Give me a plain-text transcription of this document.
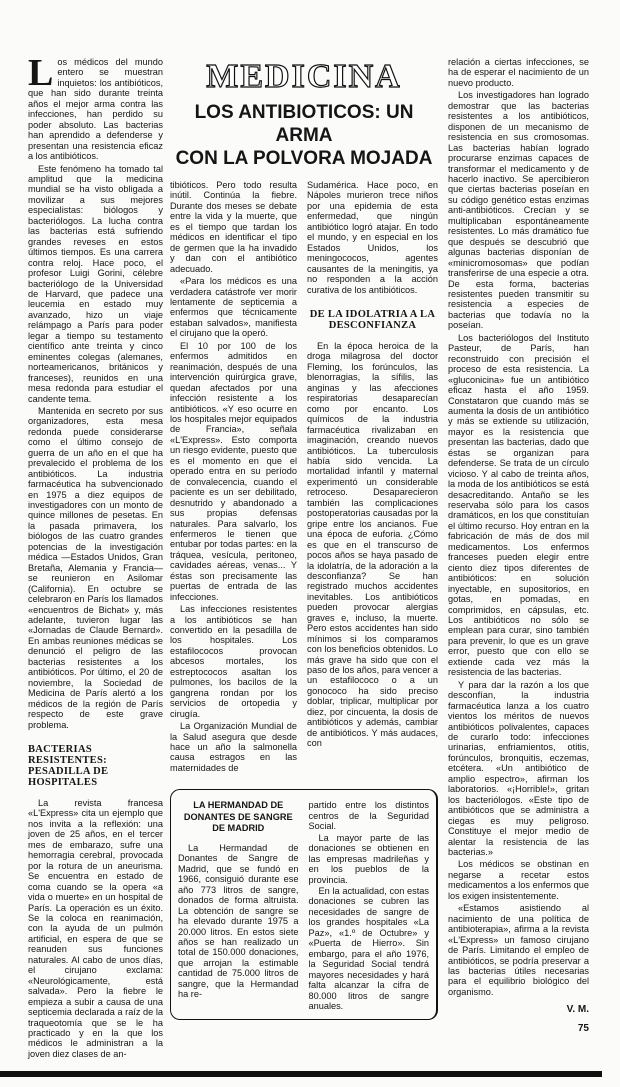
Los médicos del mundo entero se muestran inquietos: los antibióticos, que han sido durante treinta años el mejor arma contra las infecciones, han perdido su poder absoluto. Las bacterias han aprendido a defenderse y presentan una resistencia eficaz a los antibióticos.

Este fenómeno ha tomado tal amplitud que la medicina mundial se ha visto obligada a movilizar a sus mejores especialistas: biólogos y bacteriólogos. La lucha contra las bacterias está sufriendo grandes reveses en estos últimos tiempos. Es una carrera contra reloj. Hace poco, el profesor Luigi Gorini, célebre bacteriólogo de la Universidad de Harvard, que padece una leucemia en estado muy avanzado, hizo un viaje relámpago a París para poder legar a tiempo su testamento científico ante treinta y cinco eminentes colegas (alemanes, norteamericanos, británicos y franceses), reunidos en una mesa redonda para estudiar el candente tema.

Mantenida en secreto por sus organizadores, esta mesa redonda puede considerarse como el último consejo de guerra de un año en el que ha prevalecido el problema de los antibióticos. La industria farmacéutica ha subvencionado en 1975 a diez equipos de investigadores con un monto de quince millones de pesetas. En la pasada primavera, los biólogos de las cuatro grandes potencias de la investigación médica —Estados Unidos, Gran Bretaña, Alemania y Francia— se reunieron en Asilomar (California). En octubre se celebraron en París los llamados «encuentros de Bichat» y, más adelante, tuvieron lugar las «Jornadas de Claude Bernard». En ambas reuniones médicas se denunció el peligro de las bacterias resistentes a los antibióticos. Por último, el 20 de noviembre, la Sociedad de Medicina de París alertó a los médicos de la región de París respecto de este grave problema.

BACTERIAS RESISTENTES: PESADILLA DE HOSPITALES

La revista francesa «L'Express» cita un ejemplo que nos invita a la reflexión: una joven de 25 años, en el tercer mes de embarazo, sufre una hemorragia cerebral, provocada por la rotura de un aneurisma. Se encuentra en estado de coma cuando se la opera «a vida o muerte» en un hospital de París. La operación es un éxito. Se la coloca en reanimación, con la ayuda de un pulmón artificial, en espera de que se reanuden sus funciones naturales. Al cabo de unos días, el cirujano exclama: «Neurológicamente, está salvada». Pero la fiebre le empieza a subir a causa de una septicemia declarada a raíz de la traqueotomía que se le ha practicado y en la que los médicos le administran a la joven diez clases de an-

MEDICINA
LOS ANTIBIOTICOS: UN ARMA
CON LA POLVORA MOJADA

tibióticos. Pero todo resulta inútil. Continúa la fiebre. Durante dos meses se debate entre la vida y la muerte, que es el tiempo que tardan los médicos en identificar el tipo de germen que la ha invadido y dan con el antibiótico adecuado.

«Para los médicos es una verdadera catástrofe ver morir lentamente de septicemia a enfermos que técnicamente estaban salvados», manifiesta el cirujano que la operó.

El 10 por 100 de los enfermos admitidos en reanimación, después de una intervención quirúrgica grave, quedan afectados por una infección resistente a los antibióticos. «Y eso ocurre en los hospitales mejor equipados de Francia», señala «L'Express». Esto comporta un riesgo evidente, puesto que es el momento en que el operado entra en su período de convalecencia, cuando el paciente es un ser debilitado, desnutrido y abandonado a sus propias defensas naturales. Para salvarlo, los enfermeros le tienen que entubar por todas partes: en la tráquea, vesícula, peritoneo, cavidades aéreas, venas... Y éstas son precisamente las puertas de entrada de las infecciones.

Las infecciones resistentes a los antibióticos se han convertido en la pesadilla de los hospitales. Los estafilococos provocan abcesos mortales, los estreptococos asaltan los pulmones, los bacilos de la gangrena rondan por los servicios de ortopedia y cirugía.

La Organización Mundial de la Salud asegura que desde hace un año la salmonella causa estragos en las maternidades de

Sudamérica. Hace poco, en Nápoles murieron trece niños por una epidemia de esta enfermedad, que ningún antibiótico logró atajar. En todo el mundo, y en especial en los Estados Unidos, los meningococos, agentes causantes de la meningitis, ya no responden a la acción curativa de los antibióticos.

DE LA IDOLATRIA A LA DESCONFIANZA

En la época heroica de la droga milagrosa del doctor Fleming, los forúnculos, las blenorragias, la sífilis, las anginas y las afecciones respiratorias desaparecían como por encanto. Los químicos de la industria farmacéutica rivalizaban en imaginación, creando nuevos antibióticos. La tuberculosis había sido vencida. La mortalidad infantil y maternal experimentó un considerable retroceso. Desaparecieron también las complicaciones postoperatorias causadas por la gripe entre los ancianos. Fue una época de euforia. ¿Cómo es que en el transcurso de pocos años se haya pasado de la idolatría, de la adoración a la desconfianza? Se han registrado muchos accidentes inevitables. Los antibióticos pueden provocar alergias graves e, incluso, la muerte. Pero estos accidentes han sido mínimos si los comparamos con los beneficios obtenidos. Lo más grave ha sido que con el paso de los años, para vencer a un estafilococo o a un gonococo ha sido preciso doblar, triplicar, multiplicar por diez, por cincuenta, la dosis de antibióticos y además, cambiar de antibióticos. Y más audaces, con

LA HERMANDAD DE DONANTES DE SANGRE DE MADRID

La Hermandad de Donantes de Sangre de Madrid, que se fundó en 1966, consiguió durante ese año 773 litros de sangre, donados de forma altruista. La obtención de sangre se ha elevado durante 1975 a 20.000 litros. En estos siete años se han realizado un total de 150.000 donaciones, que arrojan la estimable cantidad de 75.000 litros de sangre, que la Hermandad ha re-

partido entre los distintos centros de la Seguridad Social.

La mayor parte de las donaciones se obtienen en las empresas madrileñas y en los pueblos de la provincia.

En la actualidad, con estas donaciones se cubren las necesidades de sangre de los grandes hospitales «La Paz», «1.º de Octubre» y «Puerta de Hierro». Sin embargo, para el año 1976, la Seguridad Social tendrá mayores necesidades y hará falta alcanzar la cifra de 80.000 litros de sangre anuales.

relación a ciertas infecciones, se ha de esperar el nacimiento de un nuevo producto.

Los investigadores han logrado demostrar que las bacterias resistentes a los antibióticos, disponen de un mecanismo de resistencia en sus cromosomas. Las bacterias habían logrado procurarse enzimas capaces de transformar el medicamento y de hacerlo inactivo. Se apercibieron que ciertas bacterias poseían en su código genético estas enzimas anti-antibióticos. Crecían y se multiplicaban espontáneamente resistentes. Lo más dramático fue que después se descubrió que algunas bacterias disponían de «minicromosomas» que podían transferirse de una especie a otra. De esta forma, bacterias resistentes pueden transmitir su resistencia a especies de bacterias que todavía no la poseían.

Los bacteriólogos del Instituto Pasteur, de París, han reconstruido con precisión el proceso de esta resistencia. La «gluconicina» fue un antibiótico eficaz hasta el año 1959. Constataron que cuando más se aumenta la dosis de un antibiótico y más se extiende su utilización, mayor es la resistencia que presentan las bacterias, dado que éstas se organizan para defenderse. Se trata de un círculo vicioso. Y al cabo de treinta años, la moda de los antibióticos se está desacreditando. Antaño se les reservaba sólo para los casos dramáticos, en los que constituían el último recurso. Hoy entran en la fabricación de más de dos mil medicamentos. Los enfermos franceses pueden elegir entre ciento diez tipos diferentes de antibióticos: en solución inyectable, en supositorios, en gotas, en pomadas, en comprimidos, en cápsulas, etc. Los antibióticos no sólo se emplean para curar, sino también para prevenir, lo que es un grave error, puesto que con ello se extiende cada vez más la resistencia de las bacterias.

Y para dar la razón a los que desconfían, la industria farmacéutica lanza a los cuatro vientos los méritos de nuevos antibióticos polivalentes, capaces de curarlo todo: infecciones urinarias, enfriamientos, otitis, forúnculos, bronquitis, eczemas, etcétera. «Un antibiótico de amplio espectro», afirman los laboratorios. «¡Horrible!», gritan los bacteriólogos. «Este tipo de antibióticos que se administra a ciegas es muy peligroso. Constituye el mejor medio de alentar la resistencia de las bacterias.»

Los médicos se obstinan en negarse a recetar estos medicamentos a los enfermos que los exigen insistentemente.

«Estamos asistiendo al nacimiento de una política de antibioterapia», afirma a la revista «L'Express» un famoso cirujano de París. Limitando el empleo de antibióticos, se podría preservar a las bacterias útiles necesarias para el equilibrio biológico del organismo.

V. M.
75
